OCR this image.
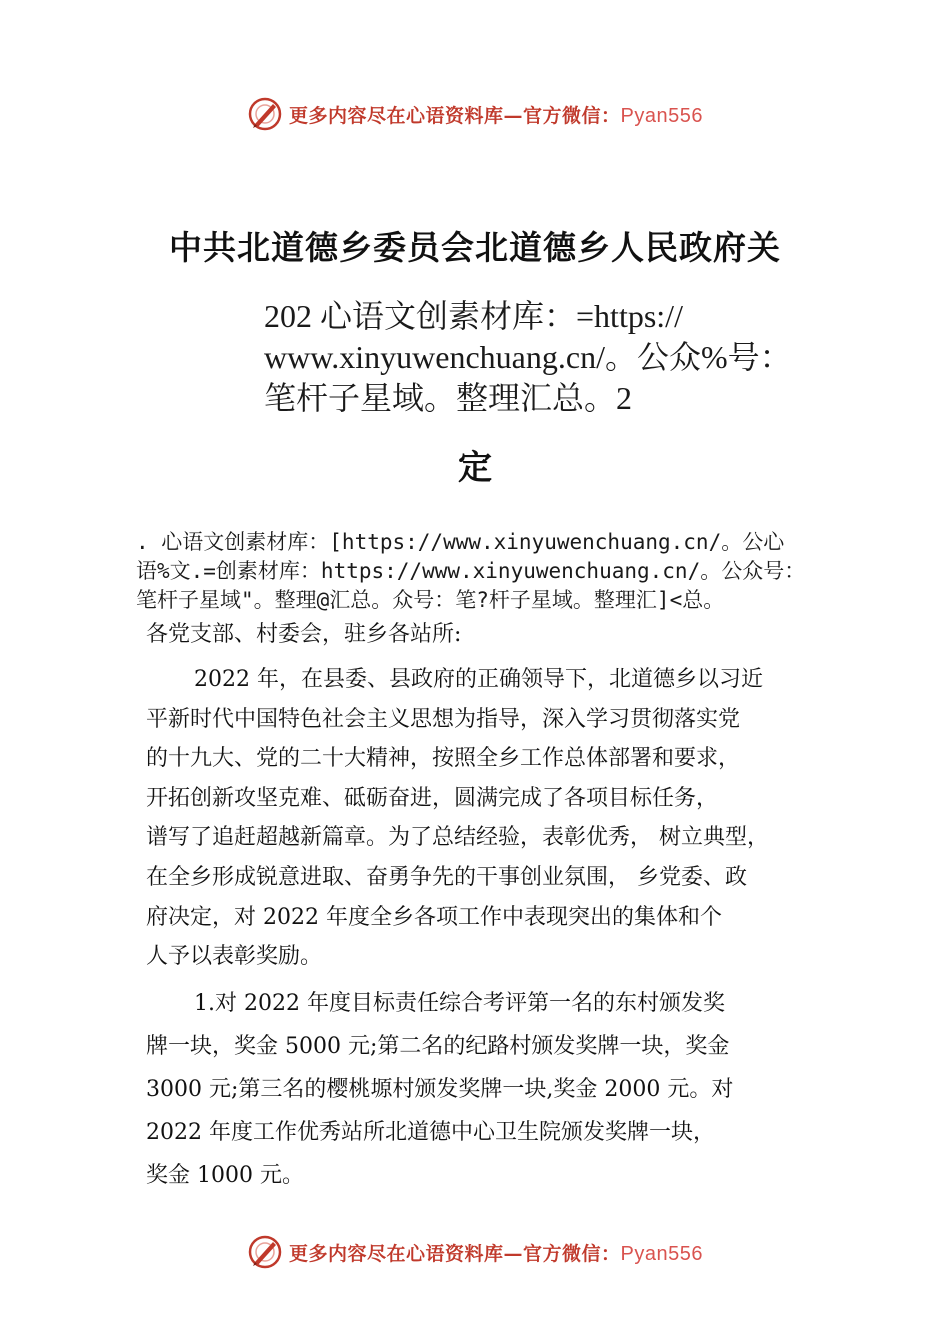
更多内容尽在心语资料库—官方微信：Pyan556
中共北道德乡委员会北道德乡人民政府关
202 心语文创素材库：=https://
www.xinyuwenchuang.cn/。公众%号：
笔杆子星域。整理汇总。2
定
. 心语文创素材库：[https://www.xinyuwenchuang.cn/。公心
语%文.=创素材库：https://www.xinyuwenchuang.cn/。公众号：
笔杆子星域"。整理@汇总。众号：笔?杆子星域。整理汇]<总。

各党支部、村委会，驻乡各站所:

2022 年，在县委、县政府的正确领导下，北道德乡以习近
平新时代中国特色社会主义思想为指导，深入学习贯彻落实党
的十九大、党的二十大精神，按照全乡工作总体部署和要求，
开拓创新攻坚克难、砥砺奋进，圆满完成了各项目标任务，
谱写了追赶超越新篇章。为了总结经验，表彰优秀， 树立典型，
在全乡形成锐意进取、奋勇争先的干事创业氛围， 乡党委、政
府决定，对 2022 年度全乡各项工作中表现突出的集体和个
人予以表彰奖励。
1.对 2022 年度目标责任综合考评第一名的东村颁发奖
牌一块，奖金 5000 元;第二名的纪路村颁发奖牌一块，奖金
3000 元;第三名的樱桃塬村颁发奖牌一块,奖金 2000 元。对
2022 年度工作优秀站所北道德中心卫生院颁发奖牌一块，
奖金 1000 元。
更多内容尽在心语资料库—官方微信：Pyan556
